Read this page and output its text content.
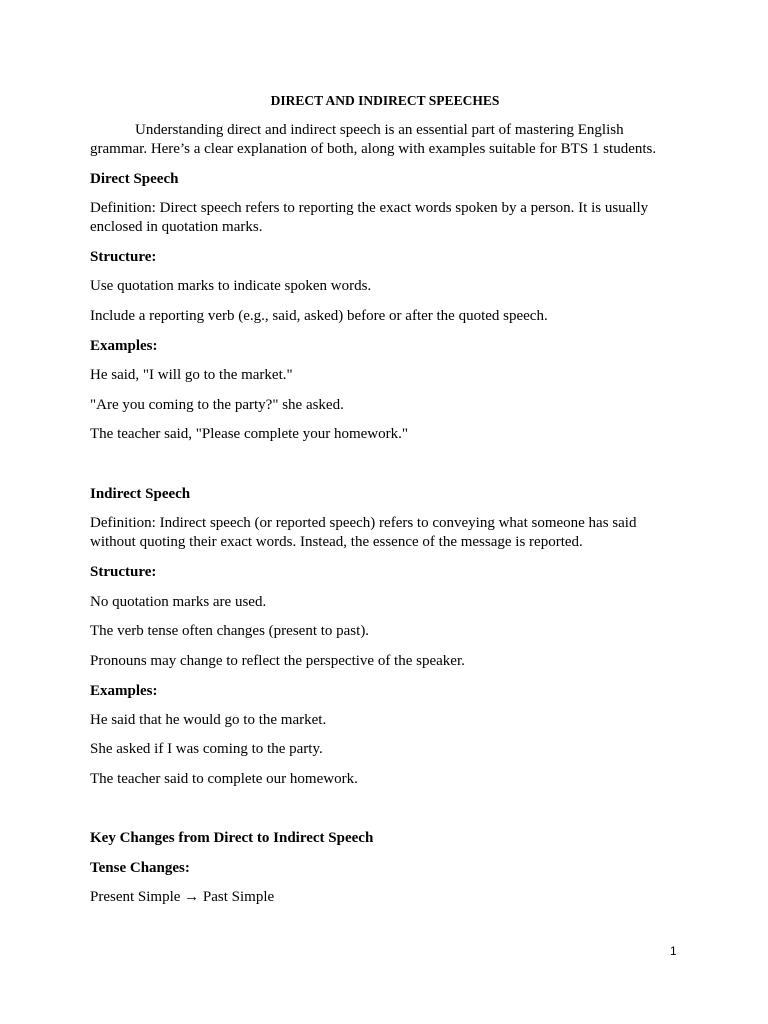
DIRECT AND INDIRECT SPEECHES
Understanding direct and indirect speech is an essential part of mastering English
grammar. Here’s a clear explanation of both, along with examples suitable for BTS 1 students.
Direct Speech
Definition: Direct speech refers to reporting the exact words spoken by a person. It is usually
enclosed in quotation marks.
Structure:
Use quotation marks to indicate spoken words.
Include a reporting verb (e.g., said, asked) before or after the quoted speech.
Examples:
He said, "I will go to the market."
"Are you coming to the party?" she asked.
The teacher said, "Please complete your homework."
Indirect Speech
Definition: Indirect speech (or reported speech) refers to conveying what someone has said
without quoting their exact words. Instead, the essence of the message is reported.
Structure:
No quotation marks are used.
The verb tense often changes (present to past).
Pronouns may change to reflect the perspective of the speaker.
Examples:
He said that he would go to the market.
She asked if I was coming to the party.
The teacher said to complete our homework.
Key Changes from Direct to Indirect Speech
Tense Changes:
Present Simple → Past Simple
1
